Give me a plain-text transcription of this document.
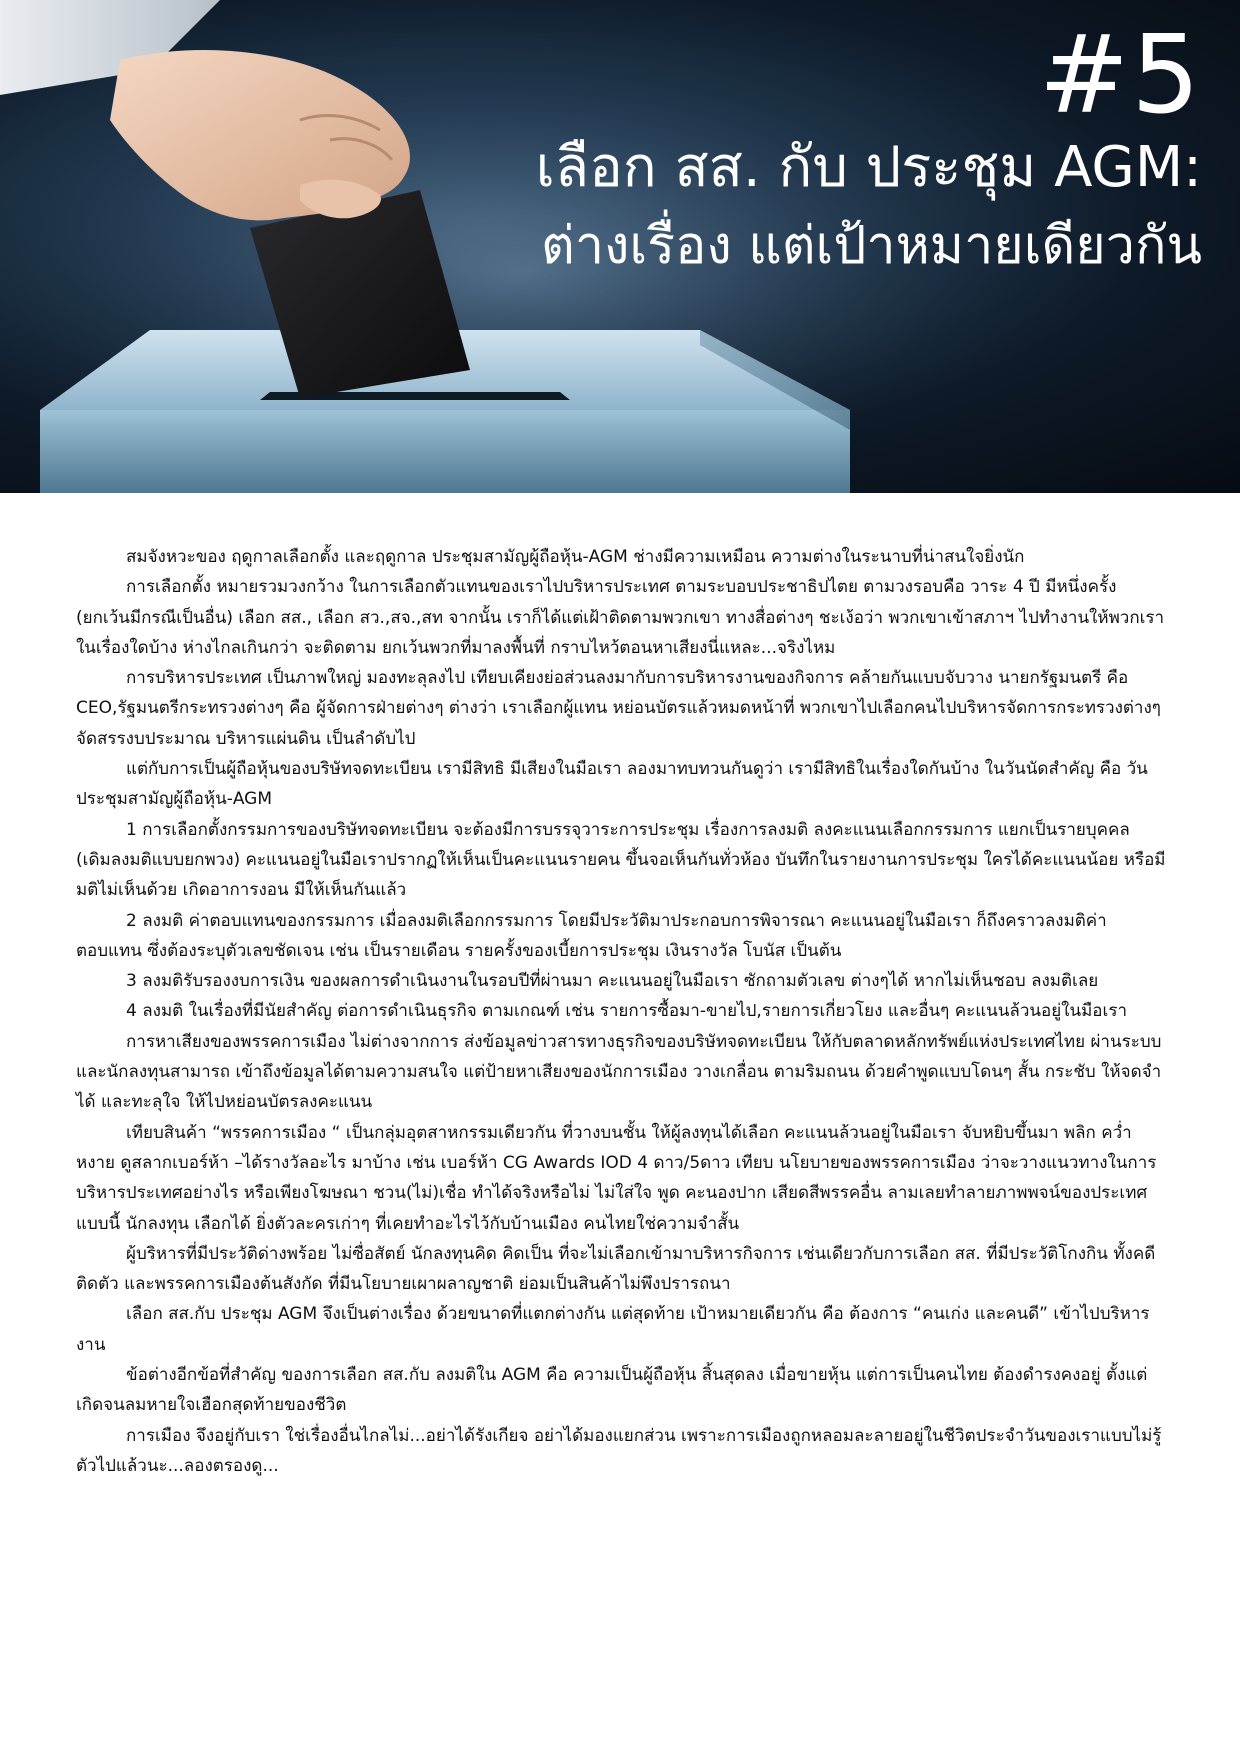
#5
เลือก สส. กับ ประชุม AGM:
ต่างเรื่อง แต่เป้าหมายเดียวกัน

สมจังหวะของ ฤดูกาลเลือกตั้ง และฤดูกาล ประชุมสามัญผู้ถือหุ้น-AGM ช่างมีความเหมือน ความต่างในระนาบที่น่าสนใจยิ่งนัก

การเลือกตั้ง หมายรวมวงกว้าง ในการเลือกตัวแทนของเราไปบริหารประเทศ ตามระบอบประชาธิปไตย ตามวงรอบคือ วาระ 4 ปี มีหนึ่งครั้ง (ยกเว้นมีกรณีเป็นอื่น) เลือก สส., เลือก สว.,สจ.,สท จากนั้น เราก็ได้แต่เฝ้าติดตามพวกเขา ทางสื่อต่างๆ ชะเง้อว่า พวกเขาเข้าสภาฯ ไปทำงานให้พวกเรา ในเรื่องใดบ้าง ห่างไกลเกินกว่า จะติดตาม ยกเว้นพวกที่มาลงพื้นที่ กราบไหว้ตอนหาเสียงนี่แหละ...จริงไหม

การบริหารประเทศ เป็นภาพใหญ่ มองทะลุลงไป เทียบเคียงย่อส่วนลงมากับการบริหารงานของกิจการ คล้ายกันแบบจับวาง นายกรัฐมนตรี คือ CEO,รัฐมนตรีกระทรวงต่างๆ คือ ผู้จัดการฝ่ายต่างๆ ต่างว่า เราเลือกผู้แทน หย่อนบัตรแล้วหมดหน้าที่ พวกเขาไปเลือกคนไปบริหารจัดการกระทรวงต่างๆ จัดสรรงบประมาณ บริหารแผ่นดิน เป็นลำดับไป

แต่กับการเป็นผู้ถือหุ้นของบริษัทจดทะเบียน เรามีสิทธิ มีเสียงในมือเรา ลองมาทบทวนกันดูว่า เรามีสิทธิในเรื่องใดกันบ้าง ในวันนัดสำคัญ คือ วันประชุมสามัญผู้ถือหุ้น-AGM

1 การเลือกตั้งกรรมการของบริษัทจดทะเบียน จะต้องมีการบรรจุวาระการประชุม เรื่องการลงมติ ลงคะแนนเลือกกรรมการ แยกเป็นรายบุคคล (เดิมลงมติแบบยกพวง) คะแนนอยู่ในมือเราปรากฏให้เห็นเป็นคะแนนรายคน ขึ้นจอเห็นกันทั่วห้อง บันทึกในรายงานการประชุม ใครได้คะแนนน้อย หรือมีมติไม่เห็นด้วย เกิดอาการงอน มีให้เห็นกันแล้ว

2 ลงมติ ค่าตอบแทนของกรรมการ เมื่อลงมติเลือกกรรมการ โดยมีประวัติมาประกอบการพิจารณา คะแนนอยู่ในมือเรา ก็ถึงคราวลงมติค่าตอบแทน ซึ่งต้องระบุตัวเลขชัดเจน เช่น เป็นรายเดือน รายครั้งของเบี้ยการประชุม เงินรางวัล โบนัส เป็นต้น

3 ลงมติรับรองงบการเงิน ของผลการดำเนินงานในรอบปีที่ผ่านมา คะแนนอยู่ในมือเรา ซักถามตัวเลข ต่างๆได้ หากไม่เห็นชอบ ลงมติเลย

4 ลงมติ ในเรื่องที่มีนัยสำคัญ ต่อการดำเนินธุรกิจ ตามเกณฑ์ เช่น รายการซื้อมา-ขายไป,รายการเกี่ยวโยง และอื่นๆ คะแนนล้วนอยู่ในมือเรา

การหาเสียงของพรรคการเมือง ไม่ต่างจากการ ส่งข้อมูลข่าวสารทางธุรกิจของบริษัทจดทะเบียน ให้กับตลาดหลักทรัพย์แห่งประเทศไทย ผ่านระบบ และนักลงทุนสามารถ เข้าถึงข้อมูลได้ตามความสนใจ แต่ป้ายหาเสียงของนักการเมือง วางเกลื่อน ตามริมถนน ด้วยคำพูดแบบโดนๆ สั้น กระชับ ให้จดจำได้ และทะลุใจ ให้ไปหย่อนบัตรลงคะแนน

เทียบสินค้า “พรรคการเมือง “ เป็นกลุ่มอุตสาหกรรมเดียวกัน ที่วางบนชั้น ให้ผู้ลงทุนได้เลือก คะแนนล้วนอยู่ในมือเรา จับหยิบขึ้นมา พลิก คว่ำหงาย ดูสลากเบอร์ห้า –ได้รางวัลอะไร มาบ้าง เช่น เบอร์ห้า CG Awards IOD 4 ดาว/5ดาว เทียบ นโยบายของพรรคการเมือง ว่าจะวางแนวทางในการบริหารประเทศอย่างไร หรือเพียงโฆษณา ชวน(ไม่)เชื่อ ทำได้จริงหรือไม่ ไม่ใส่ใจ พูด คะนองปาก เสียดสีพรรคอื่น ลามเลยทำลายภาพพจน์ของประเทศ แบบนี้ นักลงทุน เลือกได้ ยิ่งตัวละครเก่าๆ ที่เคยทำอะไรไว้กับบ้านเมือง คนไทยใช่ความจำสั้น

ผู้บริหารที่มีประวัติด่างพร้อย ไม่ซื่อสัตย์ นักลงทุนคิด คิดเป็น ที่จะไม่เลือกเข้ามาบริหารกิจการ เช่นเดียวกับการเลือก สส. ที่มีประวัติโกงกิน ทั้งคดีติดตัว และพรรคการเมืองต้นสังกัด ที่มีนโยบายเผาผลาญชาติ ย่อมเป็นสินค้าไม่พึงปรารถนา

เลือก สส.กับ ประชุม AGM จึงเป็นต่างเรื่อง ด้วยขนาดที่แตกต่างกัน แต่สุดท้าย เป้าหมายเดียวกัน คือ ต้องการ “คนเก่ง และคนดี” เข้าไปบริหารงาน

ข้อต่างอีกข้อที่สำคัญ ของการเลือก สส.กับ ลงมติใน AGM คือ ความเป็นผู้ถือหุ้น สิ้นสุดลง เมื่อขายหุ้น แต่การเป็นคนไทย ต้องดำรงคงอยู่ ตั้งแต่เกิดจนลมหายใจเฮือกสุดท้ายของชีวิต

การเมือง จึงอยู่กับเรา ใช่เรื่องอื่นไกลไม่...อย่าได้รังเกียจ อย่าได้มองแยกส่วน เพราะการเมืองถูกหลอมละลายอยู่ในชีวิตประจำวันของเราแบบไม่รู้ตัวไปแล้วนะ...ลองตรองดู...
